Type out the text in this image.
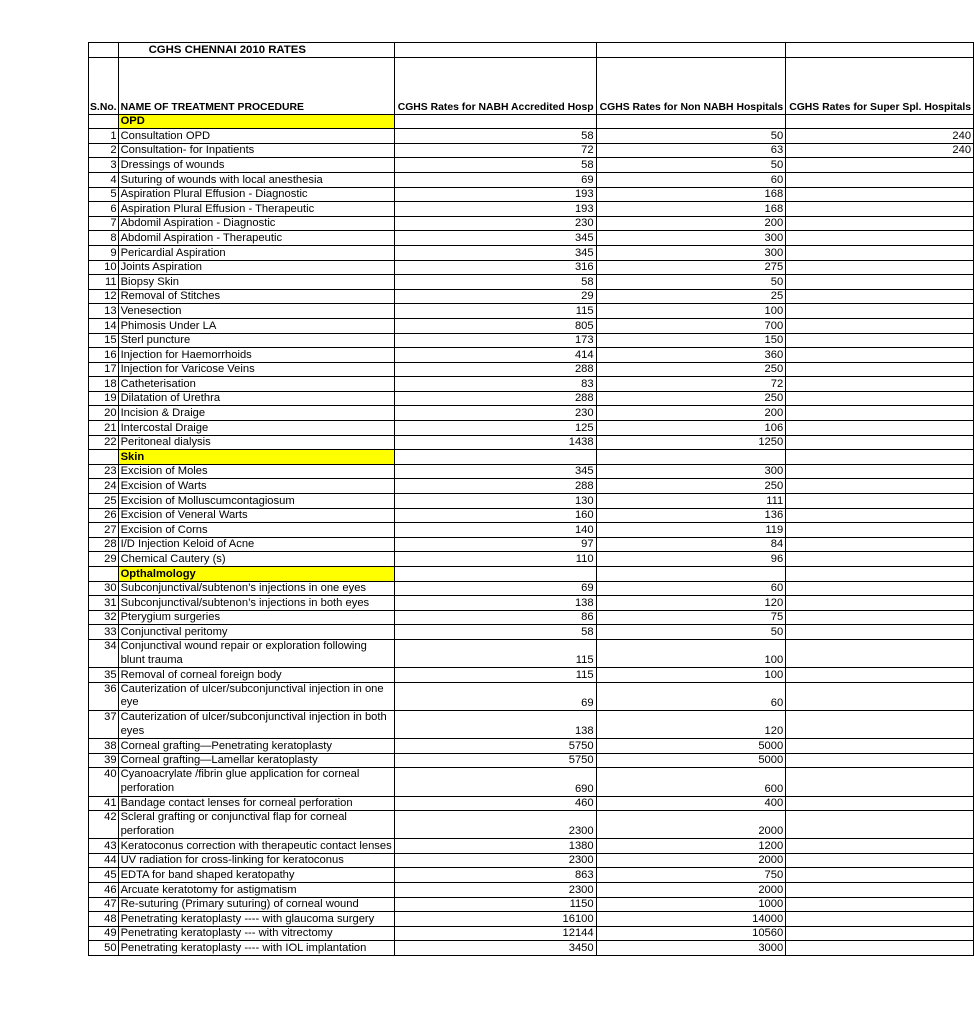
	CGHS CHENNAI 2010 RATES			
S.No.	NAME OF TREATMENT PROCEDURE	CGHS Rates for NABH Accredited Hosp	CGHS Rates for Non NABH Hospitals	CGHS Rates for Super Spl. Hospitals
	OPD			
1	Consultation OPD	58	50	240
2	Consultation- for Inpatients	72	63	240
3	Dressings of wounds	58	50	
4	Suturing of wounds with local anesthesia	69	60	
5	Aspiration Plural Effusion - Diagnostic	193	168	
6	Aspiration Plural Effusion - Therapeutic	193	168	
7	Abdomil Aspiration - Diagnostic	230	200	
8	Abdomil Aspiration - Therapeutic	345	300	
9	Pericardial Aspiration	345	300	
10	Joints Aspiration	316	275	
11	Biopsy Skin	58	50	
12	Removal of Stitches	29	25	
13	Venesection	115	100	
14	Phimosis Under LA	805	700	
15	Sterl puncture	173	150	
16	Injection for Haemorrhoids	414	360	
17	Injection for Varicose Veins	288	250	
18	Catheterisation	83	72	
19	Dilatation of Urethra	288	250	
20	Incision & Draige	230	200	
21	Intercostal Draige	125	106	
22	Peritoneal dialysis	1438	1250	
	Skin			
23	Excision of Moles	345	300	
24	Excision of Warts	288	250	
25	Excision of Molluscumcontagiosum	130	111	
26	Excision of Veneral Warts	160	136	
27	Excision of Corns	140	119	
28	I/D Injection Keloid of Acne	97	84	
29	Chemical Cautery (s)	110	96	
	Opthalmology			
30	Subconjunctival/subtenon’s injections in one eyes	69	60	
31	Subconjunctival/subtenon’s injections in both eyes	138	120	
32	Pterygium surgeries	86	75	
33	Conjunctival peritomy	58	50	
34	Conjunctival wound repair or exploration following blunt trauma	115	100	
35	Removal of corneal foreign body	115	100	
36	Cauterization of ulcer/subconjunctival injection in one eye	69	60	
37	Cauterization of ulcer/subconjunctival injection in both eyes	138	120	
38	Corneal grafting—Penetrating keratoplasty	5750	5000	
39	Corneal grafting—Lamellar keratoplasty	5750	5000	
40	Cyanoacrylate /fibrin glue application for corneal perforation	690	600	
41	Bandage contact lenses for corneal perforation	460	400	
42	Scleral grafting or conjunctival flap for corneal perforation	2300	2000	
43	Keratoconus correction with therapeutic contact lenses	1380	1200	
44	UV radiation for cross-linking for keratoconus	2300	2000	
45	EDTA for band shaped keratopathy	863	750	
46	Arcuate keratotomy for astigmatism	2300	2000	
47	Re-suturing (Primary suturing) of corneal wound	1150	1000	
48	Penetrating keratoplasty ---- with glaucoma surgery	16100	14000	
49	Penetrating keratoplasty --- with vitrectomy	12144	10560	
50	Penetrating keratoplasty ---- with IOL implantation	3450	3000	
